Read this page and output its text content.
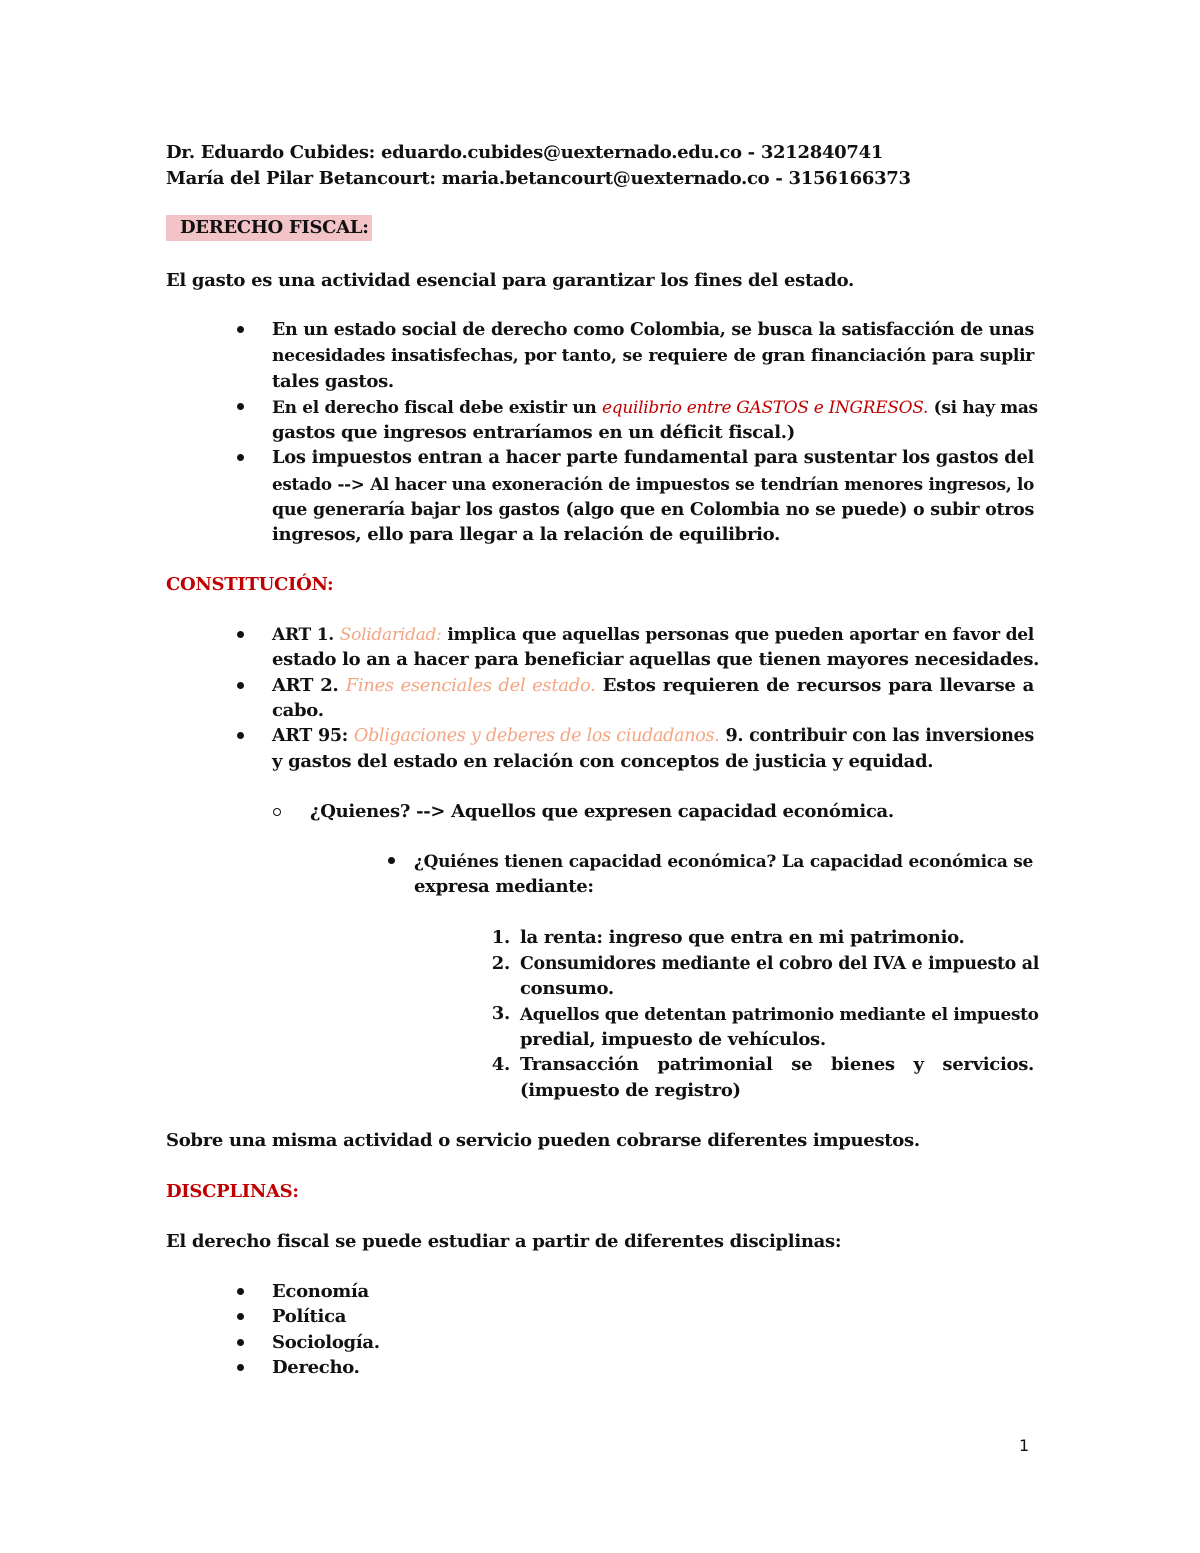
Dr. Eduardo Cubides: eduardo.cubides@uexternado.edu.co - 3212840741
María del Pilar Betancourt: maria.betancourt@uexternado.co - 3156166373
DERECHO FISCAL:
El gasto es una actividad esencial para garantizar los fines del estado.
En un estado social de derecho como Colombia, se busca la satisfacción de unas
necesidades insatisfechas, por tanto, se requiere de gran financiación para suplir
tales gastos.
En el derecho fiscal debe existir un equilibrio entre GASTOS e INGRESOS. (si hay mas
gastos que ingresos entraríamos en un déficit fiscal.)
Los impuestos entran a hacer parte fundamental para sustentar los gastos del
estado --> Al hacer una exoneración de impuestos se tendrían menores ingresos, lo
que generaría bajar los gastos (algo que en Colombia no se puede) o subir otros
ingresos, ello para llegar a la relación de equilibrio.
CONSTITUCIÓN:
ART 1. Solidaridad: implica que aquellas personas que pueden aportar en favor del
estado lo an a hacer para beneficiar aquellas que tienen mayores necesidades.
ART 2. Fines esenciales del estado. Estos requieren de recursos para llevarse a
cabo.
ART 95: Obligaciones y deberes de los ciudadanos. 9. contribuir con las inversiones
y gastos del estado en relación con conceptos de justicia y equidad.
¿Quienes? --> Aquellos que expresen capacidad económica.
¿Quiénes tienen capacidad económica? La capacidad económica se
expresa mediante:
1. la renta: ingreso que entra en mi patrimonio.
2. Consumidores mediante el cobro del IVA e impuesto al
consumo.
3. Aquellos que detentan patrimonio mediante el impuesto
predial, impuesto de vehículos.
4. Transacción patrimonial se bienes y servicios.
(impuesto de registro)
Sobre una misma actividad o servicio pueden cobrarse diferentes impuestos.
DISCPLINAS:
El derecho fiscal se puede estudiar a partir de diferentes disciplinas:
Economía
Política
Sociología.
Derecho.
1
